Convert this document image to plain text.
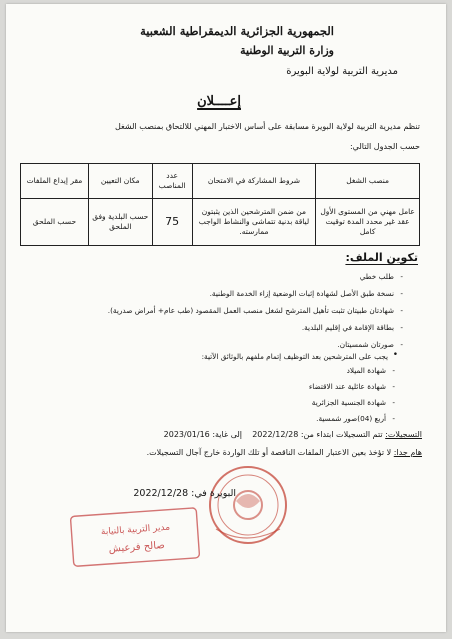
الجمهورية الجزائرية الديمقراطية الشعبية
وزارة التربية الوطنية
مديرية التربية لولاية البويرة
إعــــلان
تنظم مديرية التربية لولاية البويرة مسابقة على أساس الاختبار المهني للالتحاق بمنصب الشغل
حسب الجدول التالي:
منصب الشغل	شروط المشاركة في الامتحان	عدد المناصب	مكان التعيين	مقر إيداع الملفات
عامل مهني من المستوى الأول عقد غير محدد المدة توقيت كامل	من ضمن المترشحين الذين يثبتون لياقة بدنية تتماشى والنشاط الواجب ممارسته.	75	حسب البلدية وفق الملحق	حسب الملحق
تكوين الملف:
- طلب خطي
- نسخة طبق الأصل لشهادة إثبات الوضعية إزاء الخدمة الوطنية.
- شهادتان طبيتان تثبت تأهيل المترشح لشغل منصب العمل المقصود (طب عام+ أمراض صدرية).
- بطاقة الإقامة في إقليم البلدية.
- صورتان شمسيتان.
• يجب على المترشحين بعد التوظيف إتمام ملفهم بالوثائق الآتية:
- شهادة الميلاد
- شهادة عائلية عند الاقتضاء
- شهادة الجنسية الجزائرية
- أربع (04)صور شمسية.
التسجيلات: تتم التسجيلات ابتداء من: 2022/12/28    إلى غاية: 2023/01/16
هام جدا: لا تؤخذ بعين الاعتبار الملفات الناقصة أو تلك الواردة خارج آجال التسجيلات.
البويرة في: 2022/12/28
مدير التربية بالنيابة
صالح فرعيش
